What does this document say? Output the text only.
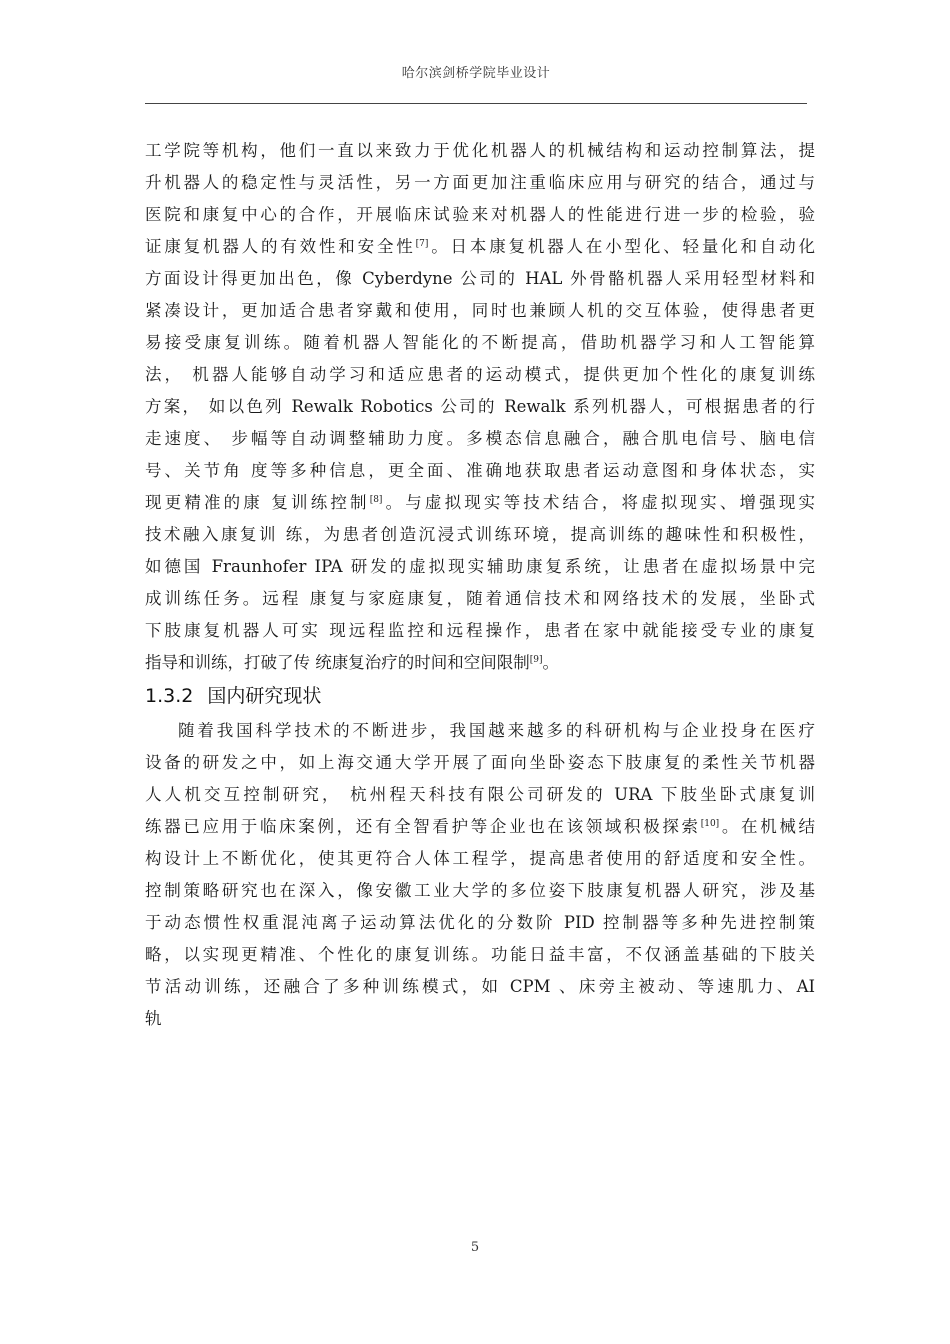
哈尔滨剑桥学院毕业设计
工学院等机构，他们一直以来致力于优化机器人的机械结构和运动控制算法，提
升机器人的稳定性与灵活性，另一方面更加注重临床应用与研究的结合，通过与
医院和康复中心的合作，开展临床试验来对机器人的性能进行进一步的检验，验
证康复机器人的有效性和安全性[7]。日本康复机器人在小型化、轻量化和自动化
方面设计得更加出色，像 Cyberdyne 公司的 HAL 外骨骼机器人采用轻型材料和
紧凑设计，更加适合患者穿戴和使用，同时也兼顾人机的交互体验，使得患者更
易接受康复训练。随着机器人智能化的不断提高，借助机器学习和人工智能算
法， 机器人能够自动学习和适应患者的运动模式，提供更加个性化的康复训练
方案， 如以色列 Rewalk Robotics 公司的 Rewalk 系列机器人，可根据患者的行
走速度、 步幅等自动调整辅助力度。多模态信息融合，融合肌电信号、脑电信
号、关节角 度等多种信息，更全面、准确地获取患者运动意图和身体状态，实
现更精准的康 复训练控制[8]。与虚拟现实等技术结合，将虚拟现实、增强现实
技术融入康复训 练，为患者创造沉浸式训练环境，提高训练的趣味性和积极性，
如德国 Fraunhofer IPA 研发的虚拟现实辅助康复系统，让患者在虚拟场景中完
成训练任务。远程 康复与家庭康复，随着通信技术和网络技术的发展，坐卧式
下肢康复机器人可实 现远程监控和远程操作，患者在家中就能接受专业的康复
指导和训练，打破了传 统康复治疗的时间和空间限制[9]。
1.3.2 国内研究现状
随着我国科学技术的不断进步，我国越来越多的科研机构与企业投身在医疗
设备的研发之中，如上海交通大学开展了面向坐卧姿态下肢康复的柔性关节机器
人人机交互控制研究， 杭州程天科技有限公司研发的 URA 下肢坐卧式康复训
练器已应用于临床案例，还有全智看护等企业也在该领域积极探索[10]。在机械结
构设计上不断优化，使其更符合人体工程学，提高患者使用的舒适度和安全性。
控制策略研究也在深入，像安徽工业大学的多位姿下肢康复机器人研究，涉及基
于动态惯性权重混沌离子运动算法优化的分数阶 PID 控制器等多种先进控制策
略，以实现更精准、个性化的康复训练。功能日益丰富，不仅涵盖基础的下肢关
节活动训练，还融合了多种训练模式，如 CPM 、床旁主被动、等速肌力、AI
轨
5
